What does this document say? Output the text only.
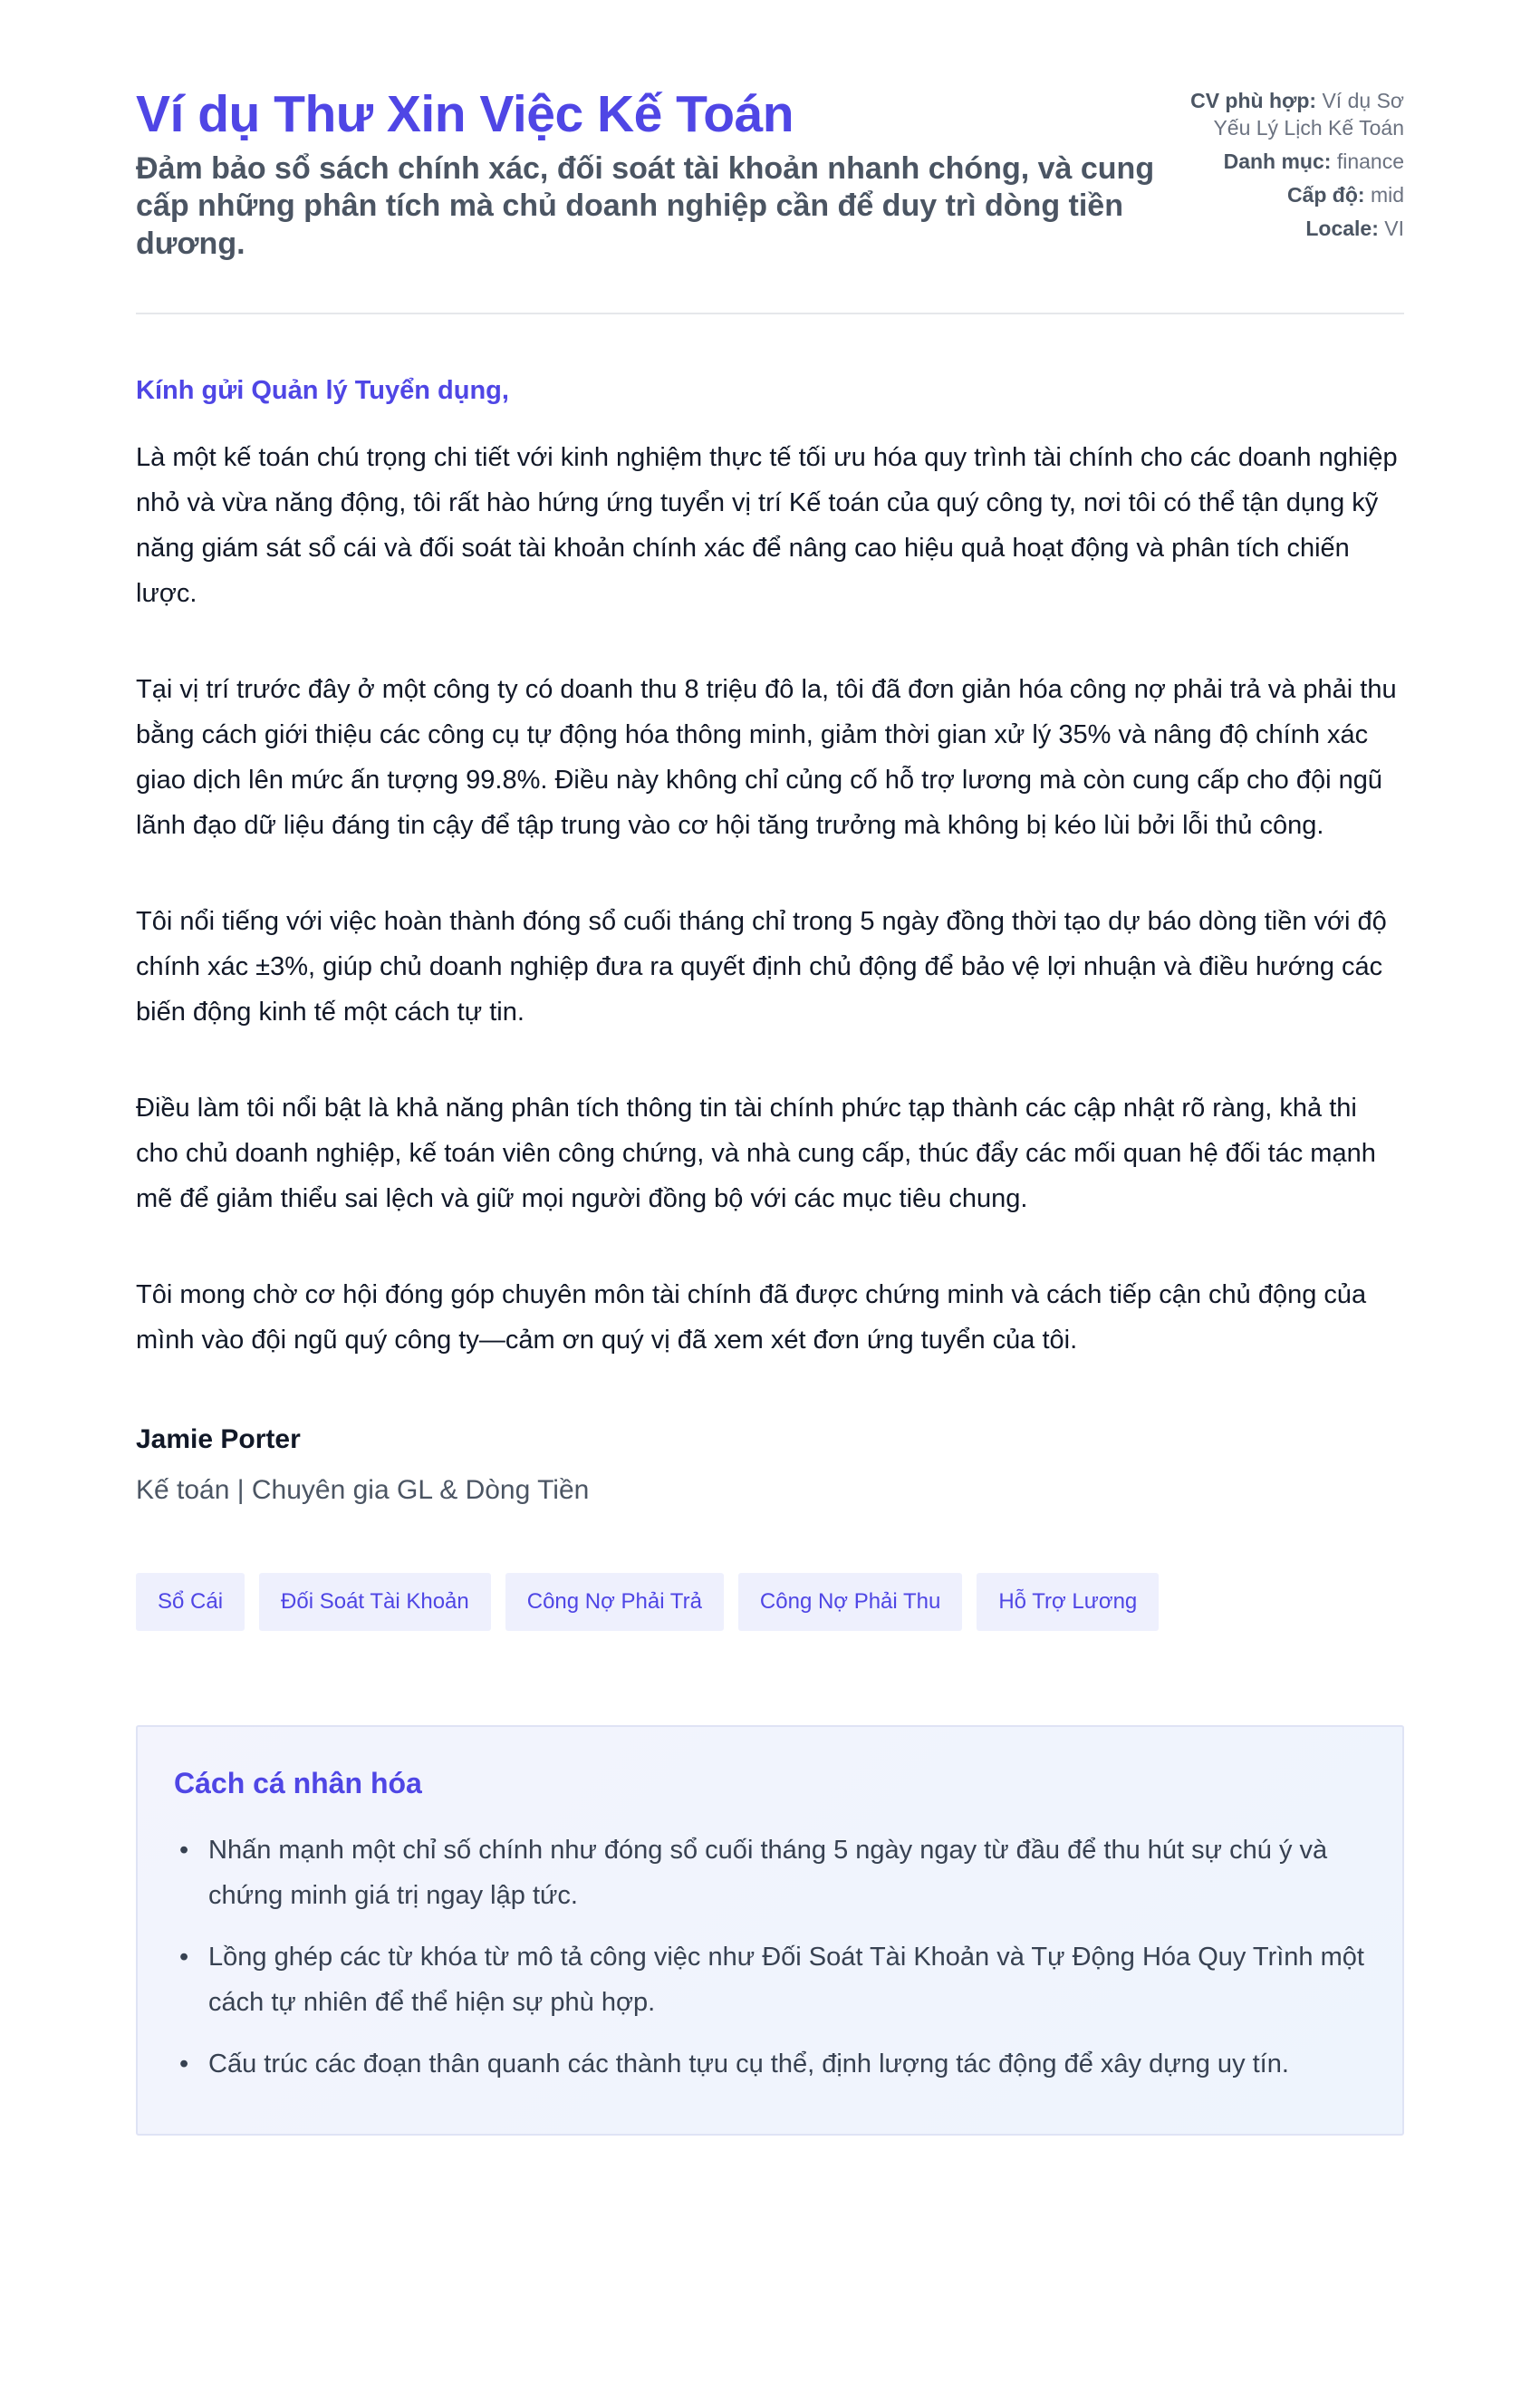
Ví dụ Thư Xin Việc Kế Toán
Đảm bảo sổ sách chính xác, đối soát tài khoản nhanh chóng, và cung cấp những phân tích mà chủ doanh nghiệp cần để duy trì dòng tiền dương.
CV phù hợp: Ví dụ Sơ Yếu Lý Lịch Kế Toán
Danh mục: finance
Cấp độ: mid
Locale: VI
Kính gửi Quản lý Tuyển dụng,

Là một kế toán chú trọng chi tiết với kinh nghiệm thực tế tối ưu hóa quy trình tài chính cho các doanh nghiệp nhỏ và vừa năng động, tôi rất hào hứng ứng tuyển vị trí Kế toán của quý công ty, nơi tôi có thể tận dụng kỹ năng giám sát sổ cái và đối soát tài khoản chính xác để nâng cao hiệu quả hoạt động và phân tích chiến lược.

Tại vị trí trước đây ở một công ty có doanh thu 8 triệu đô la, tôi đã đơn giản hóa công nợ phải trả và phải thu bằng cách giới thiệu các công cụ tự động hóa thông minh, giảm thời gian xử lý 35% và nâng độ chính xác giao dịch lên mức ấn tượng 99.8%. Điều này không chỉ củng cố hỗ trợ lương mà còn cung cấp cho đội ngũ lãnh đạo dữ liệu đáng tin cậy để tập trung vào cơ hội tăng trưởng mà không bị kéo lùi bởi lỗi thủ công.

Tôi nổi tiếng với việc hoàn thành đóng sổ cuối tháng chỉ trong 5 ngày đồng thời tạo dự báo dòng tiền với độ chính xác ±3%, giúp chủ doanh nghiệp đưa ra quyết định chủ động để bảo vệ lợi nhuận và điều hướng các biến động kinh tế một cách tự tin.

Điều làm tôi nổi bật là khả năng phân tích thông tin tài chính phức tạp thành các cập nhật rõ ràng, khả thi cho chủ doanh nghiệp, kế toán viên công chứng, và nhà cung cấp, thúc đẩy các mối quan hệ đối tác mạnh mẽ để giảm thiểu sai lệch và giữ mọi người đồng bộ với các mục tiêu chung.

Tôi mong chờ cơ hội đóng góp chuyên môn tài chính đã được chứng minh và cách tiếp cận chủ động của mình vào đội ngũ quý công ty—cảm ơn quý vị đã xem xét đơn ứng tuyển của tôi.

Jamie Porter
Kế toán | Chuyên gia GL & Dòng Tiền
Sổ Cái	Đối Soát Tài Khoản	Công Nợ Phải Trả	Công Nợ Phải Thu	Hỗ Trợ Lương
Cách cá nhân hóa
• Nhấn mạnh một chỉ số chính như đóng sổ cuối tháng 5 ngày ngay từ đầu để thu hút sự chú ý và chứng minh giá trị ngay lập tức.
• Lồng ghép các từ khóa từ mô tả công việc như Đối Soát Tài Khoản và Tự Động Hóa Quy Trình một cách tự nhiên để thể hiện sự phù hợp.
• Cấu trúc các đoạn thân quanh các thành tựu cụ thể, định lượng tác động để xây dựng uy tín.
